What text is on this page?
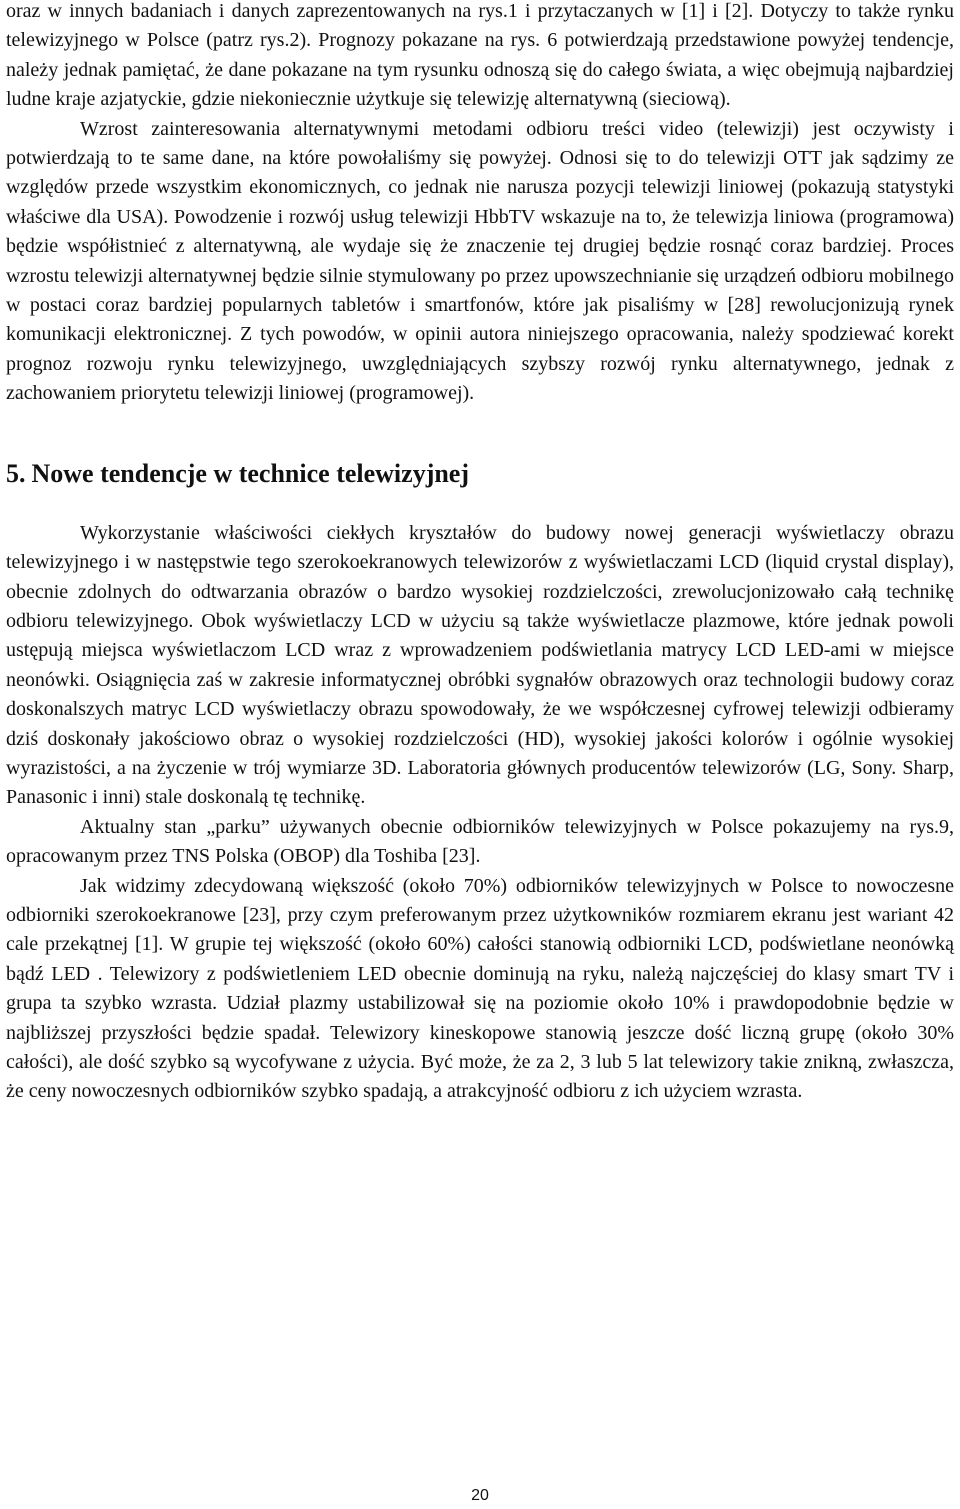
oraz w innych badaniach i danych zaprezentowanych na rys.1 i przytaczanych w [1] i [2]. Dotyczy to także rynku telewizyjnego w Polsce (patrz rys.2). Prognozy pokazane na rys. 6 potwierdzają przedstawione powyżej tendencje, należy jednak pamiętać, że dane pokazane na tym rysunku odnoszą się do całego świata, a więc obejmują najbardziej ludne kraje azjatyckie, gdzie niekoniecznie użytkuje się telewizję alternatywną (sieciową).

Wzrost zainteresowania alternatywnymi metodami odbioru treści video (telewizji) jest oczywisty i potwierdzają to te same dane, na które powołaliśmy się powyżej. Odnosi się to do telewizji OTT jak sądzimy ze względów przede wszystkim ekonomicznych, co jednak nie narusza pozycji telewizji liniowej (pokazują statystyki właściwe dla USA). Powodzenie i rozwój usług telewizji HbbTV wskazuje na to, że telewizja liniowa (programowa) będzie współistnieć z alternatywną, ale wydaje się że znaczenie tej drugiej będzie rosnąć coraz bardziej. Proces wzrostu telewizji alternatywnej będzie silnie stymulowany po przez upowszechnianie się urządzeń odbioru mobilnego w postaci coraz bardziej popularnych tabletów i smartfonów, które jak pisaliśmy w [28] rewolucjonizują rynek komunikacji elektronicznej. Z tych powodów, w opinii autora niniejszego opracowania, należy spodziewać korekt prognoz rozwoju rynku telewizyjnego, uwzględniających szybszy rozwój rynku alternatywnego, jednak z zachowaniem priorytetu telewizji liniowej (programowej).

5. Nowe tendencje w technice telewizyjnej

Wykorzystanie właściwości ciekłych kryształów do budowy nowej generacji wyświetlaczy obrazu telewizyjnego i w następstwie tego szerokoekranowych telewizorów z wyświetlaczami LCD (liquid crystal display), obecnie zdolnych do odtwarzania obrazów o bardzo wysokiej rozdzielczości, zrewolucjonizowało całą technikę odbioru telewizyjnego. Obok wyświetlaczy LCD w użyciu są także wyświetlacze plazmowe, które jednak powoli ustępują miejsca wyświetlaczom LCD wraz z wprowadzeniem podświetlania matrycy LCD LED-ami w miejsce neonówki. Osiągnięcia zaś w zakresie informatycznej obróbki sygnałów obrazowych oraz technologii budowy coraz doskonalszych matryc LCD wyświetlaczy obrazu spowodowały, że we współczesnej cyfrowej telewizji odbieramy dziś doskonały jakościowo obraz o wysokiej rozdzielczości (HD), wysokiej jakości kolorów i ogólnie wysokiej wyrazistości, a na życzenie w trój wymiarze 3D. Laboratoria głównych producentów telewizorów (LG, Sony. Sharp, Panasonic i inni) stale doskonalą tę technikę.

Aktualny stan „parku” używanych obecnie odbiorników telewizyjnych w Polsce pokazujemy na rys.9, opracowanym przez TNS Polska (OBOP) dla Toshiba [23].

Jak widzimy zdecydowaną większość (około 70%) odbiorników telewizyjnych w Polsce to nowoczesne odbiorniki szerokoekranowe [23], przy czym preferowanym przez użytkowników rozmiarem ekranu jest wariant 42 cale przekątnej [1]. W grupie tej większość (około 60%) całości stanowią odbiorniki LCD, podświetlane neonówką bądź LED . Telewizory z podświetleniem LED obecnie dominują na ryku, należą najczęściej do klasy smart TV i grupa ta szybko wzrasta. Udział plazmy ustabilizował się na poziomie około 10% i prawdopodobnie będzie w najbliższej przyszłości będzie spadał. Telewizory kineskopowe stanowią jeszcze dość liczną grupę (około 30% całości), ale dość szybko są wycofywane z użycia. Być może, że za 2, 3 lub 5 lat telewizory takie znikną, zwłaszcza, że ceny nowoczesnych odbiorników szybko spadają, a atrakcyjność odbioru z ich użyciem wzrasta.

20
